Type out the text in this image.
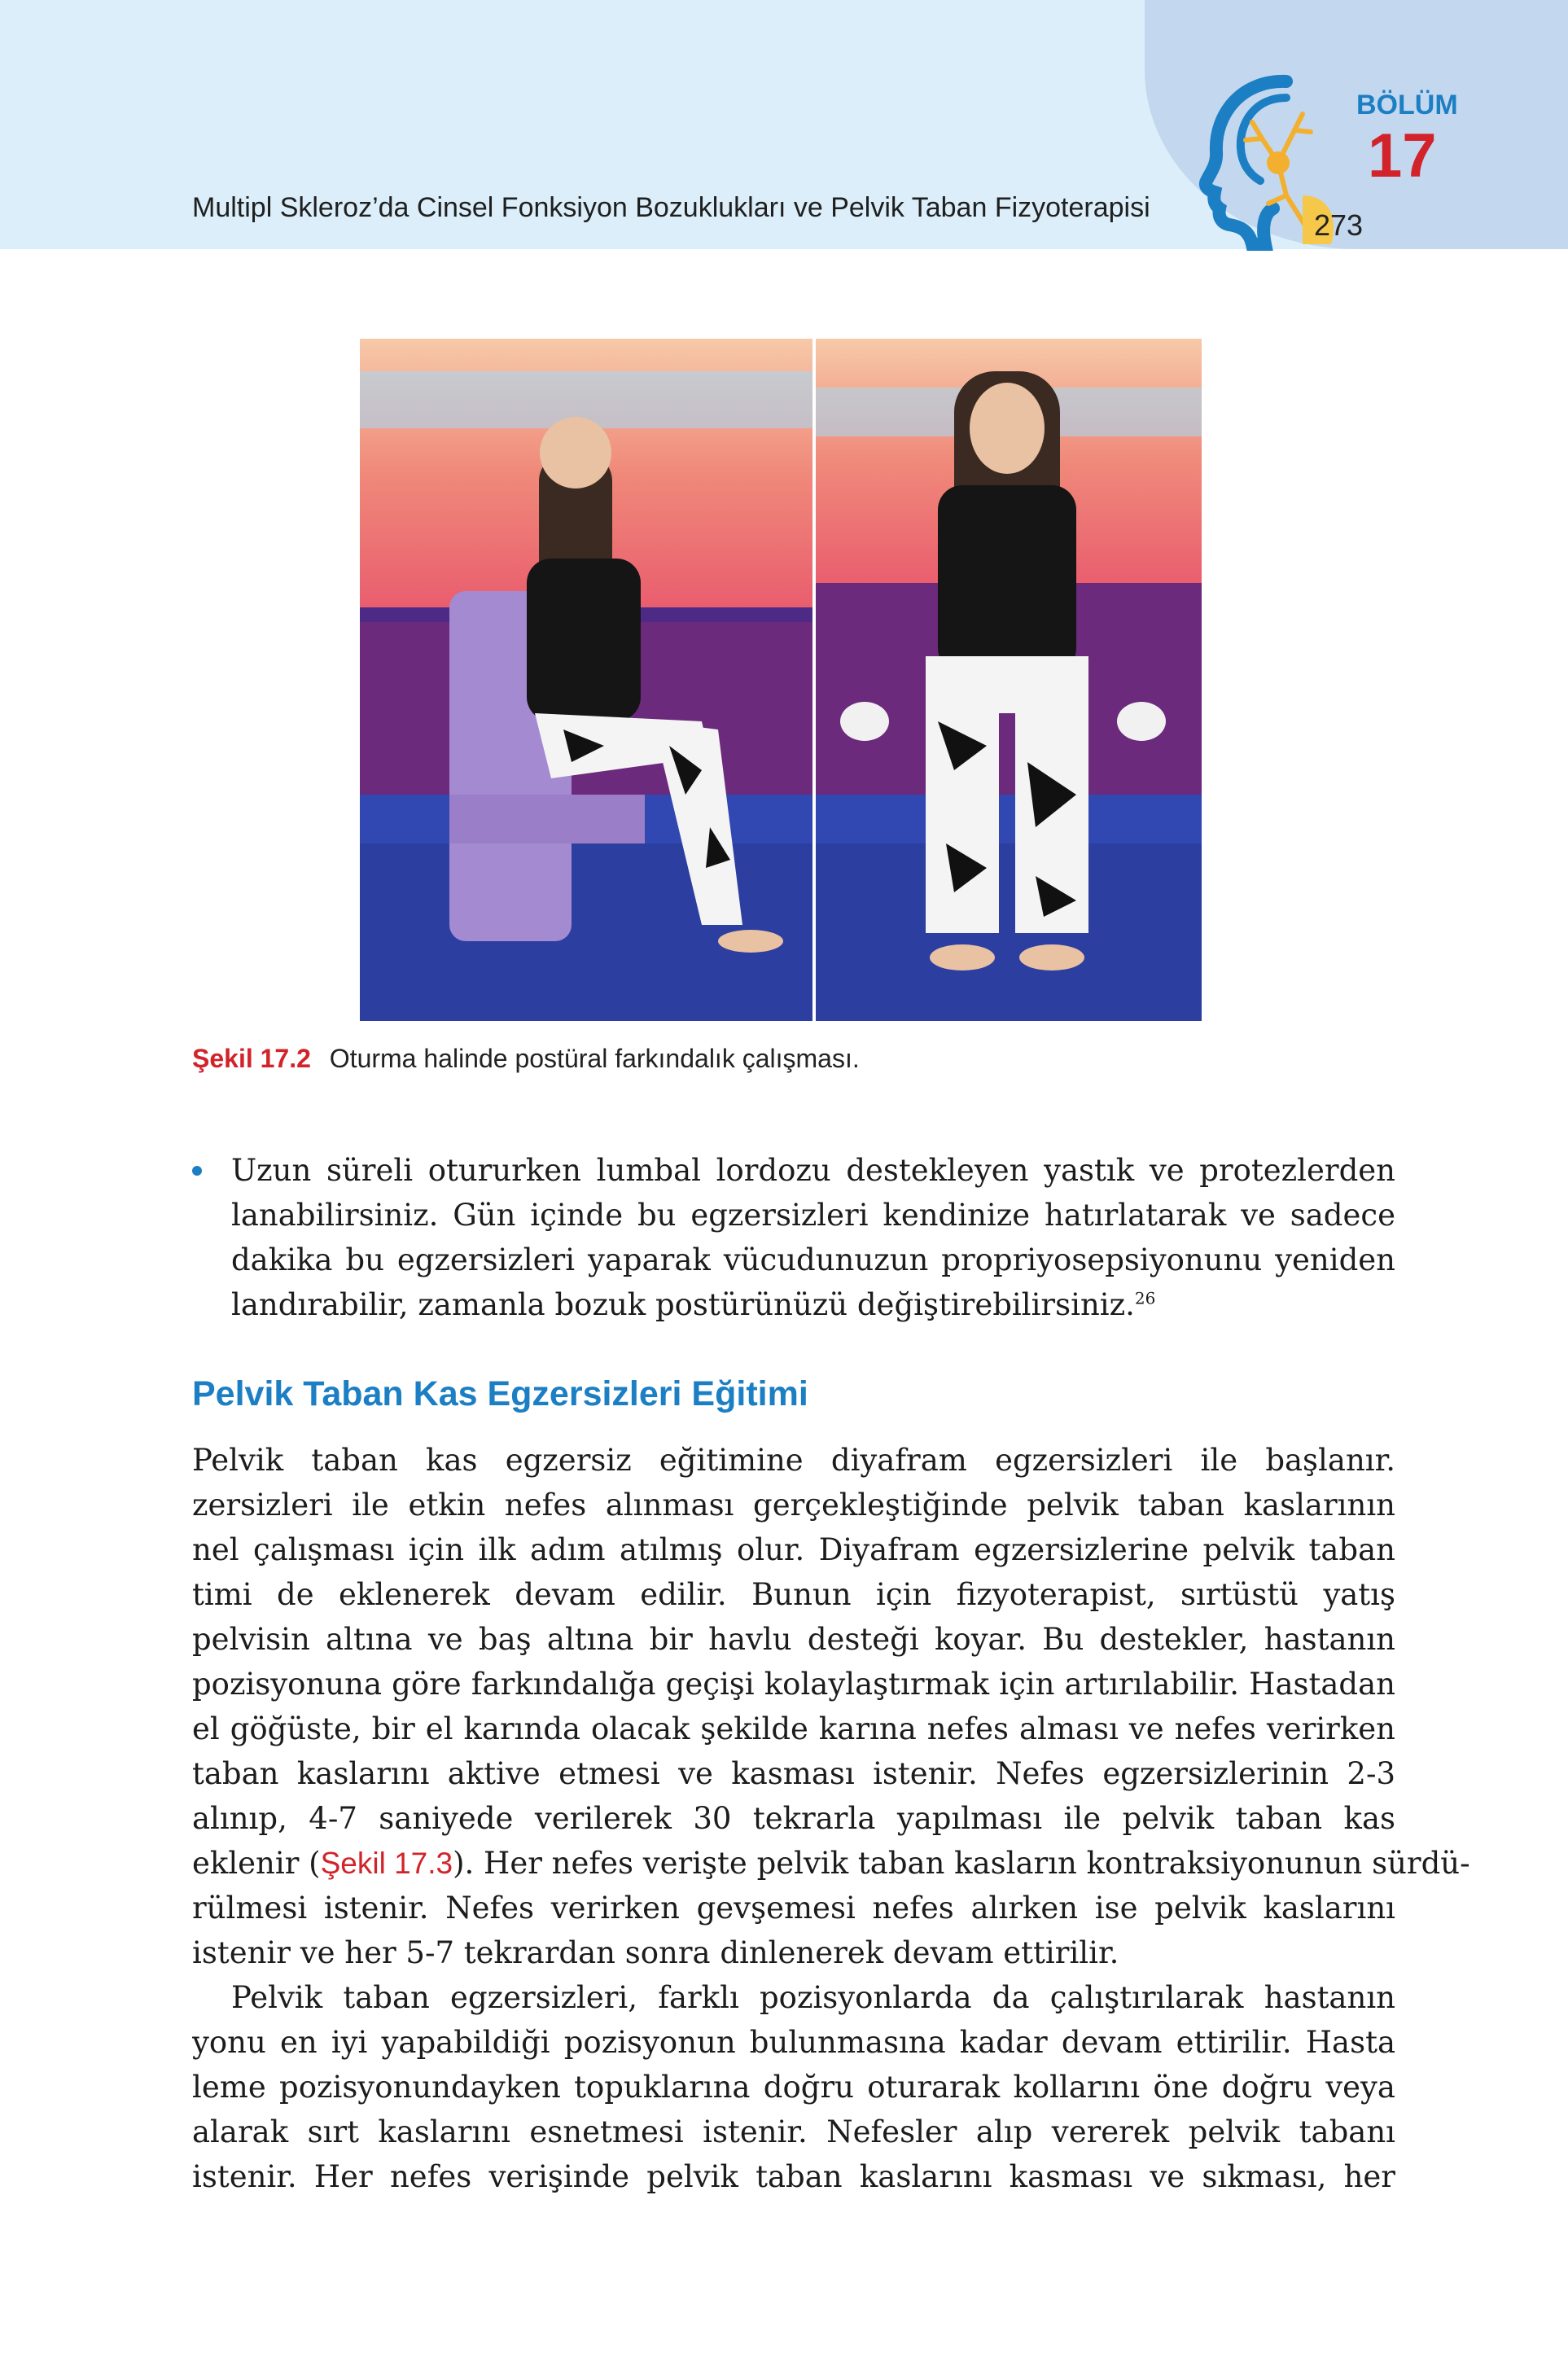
Multipl Skleroz’da Cinsel Fonksiyon Bozuklukları ve Pelvik Taban Fizyoterapisi
BÖLÜM
17
273
Şekil 17.2 Oturma halinde postüral farkındalık çalışması.
Uzun süreli otururken lumbal lordozu destekleyen yastık ve protezlerden
lanabilirsiniz. Gün içinde bu egzersizleri kendinize hatırlatarak ve sadece
dakika bu egzersizleri yaparak vücudunuzun propriyosepsiyonunu yeniden
landırabilir, zamanla bozuk postürünüzü değiştirebilirsiniz.$^{26}$
Pelvik Taban Kas Egzersizleri Eğitimi
Pelvik taban kas egzersiz eğitimine diyafram egzersizleri ile başlanır.
zersizleri ile etkin nefes alınması gerçekleştiğinde pelvik taban kaslarının
nel çalışması için ilk adım atılmış olur. Diyafram egzersizlerine pelvik taban
timi de eklenerek devam edilir. Bunun için fizyoterapist, sırtüstü yatış
pelvisin altına ve baş altına bir havlu desteği koyar. Bu destekler, hastanın
pozisyonuna göre farkındalığa geçişi kolaylaştırmak için artırılabilir. Hastadan
el göğüste, bir el karında olacak şekilde karına nefes alması ve nefes verirken
taban kaslarını aktive etmesi ve kasması istenir. Nefes egzersizlerinin 2-3
alınıp, 4-7 saniyede verilerek 30 tekrarla yapılması ile pelvik taban kas
eklenir (Şekil 17.3). Her nefes verişte pelvik taban kasların kontraksiyonunun sürdü-
rülmesi istenir. Nefes verirken gevşemesi nefes alırken ise pelvik kaslarını
istenir ve her 5-7 tekrardan sonra dinlenerek devam ettirilir.
Pelvik taban egzersizleri, farklı pozisyonlarda da çalıştırılarak hastanın
yonu en iyi yapabildiği pozisyonun bulunmasına kadar devam ettirilir. Hasta
leme pozisyonundayken topuklarına doğru oturarak kollarını öne doğru veya
alarak sırt kaslarını esnetmesi istenir. Nefesler alıp vererek pelvik tabanı
istenir. Her nefes verişinde pelvik taban kaslarını kasması ve sıkması, her
